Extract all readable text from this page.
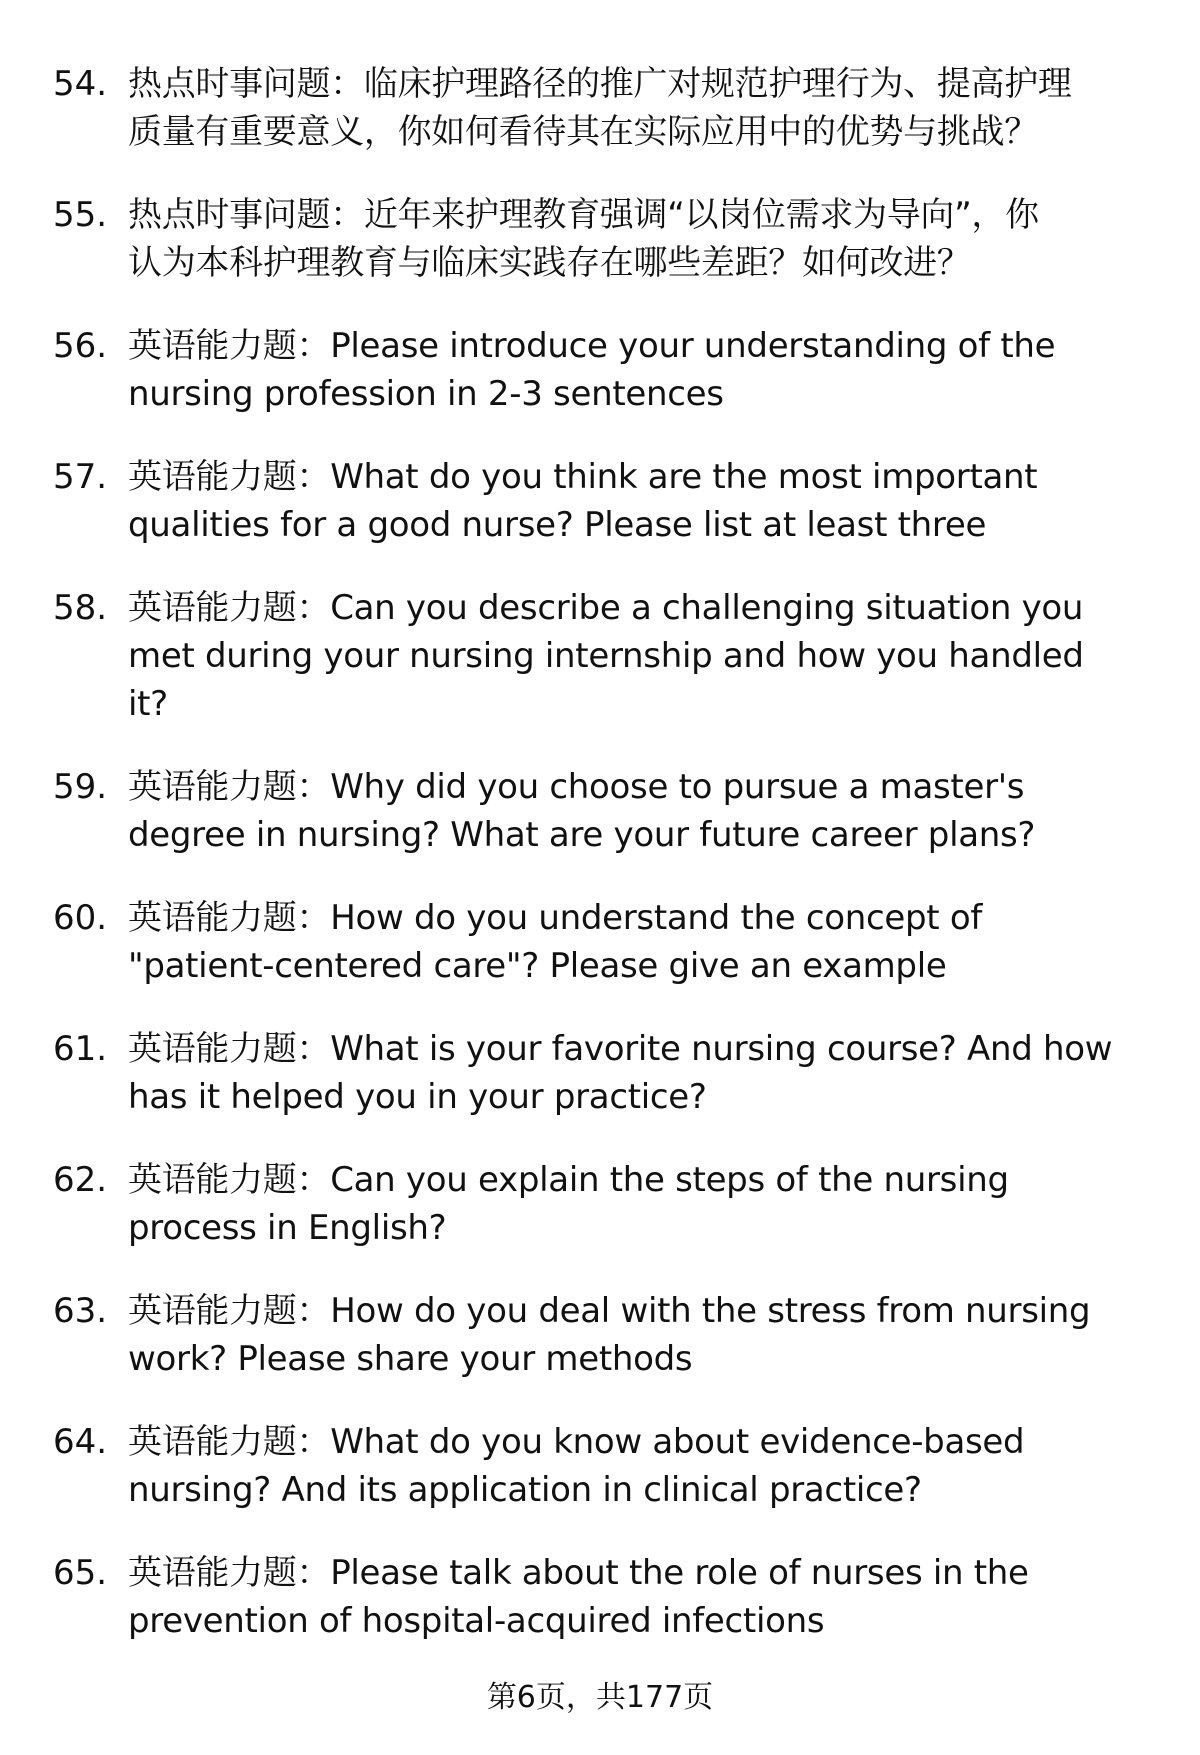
54. 热点时事问题：临床护理路径的推广对规范护理行为、提高护理
质量有重要意义，你如何看待其在实际应用中的优势与挑战？
55. 热点时事问题：近年来护理教育强调“以岗位需求为导向”，你
认为本科护理教育与临床实践存在哪些差距？如何改进？
56. 英语能力题：Please introduce your understanding of the
nursing profession in 2-3 sentences
57. 英语能力题：What do you think are the most important
qualities for a good nurse? Please list at least three
58. 英语能力题：Can you describe a challenging situation you
met during your nursing internship and how you handled
it?
59. 英语能力题：Why did you choose to pursue a master's
degree in nursing? What are your future career plans?
60. 英语能力题：How do you understand the concept of
"patient-centered care"? Please give an example
61. 英语能力题：What is your favorite nursing course? And how
has it helped you in your practice?
62. 英语能力题：Can you explain the steps of the nursing
process in English?
63. 英语能力题：How do you deal with the stress from nursing
work? Please share your methods
64. 英语能力题：What do you know about evidence-based
nursing? And its application in clinical practice?
65. 英语能力题：Please talk about the role of nurses in the
prevention of hospital-acquired infections
第6页，共177页
